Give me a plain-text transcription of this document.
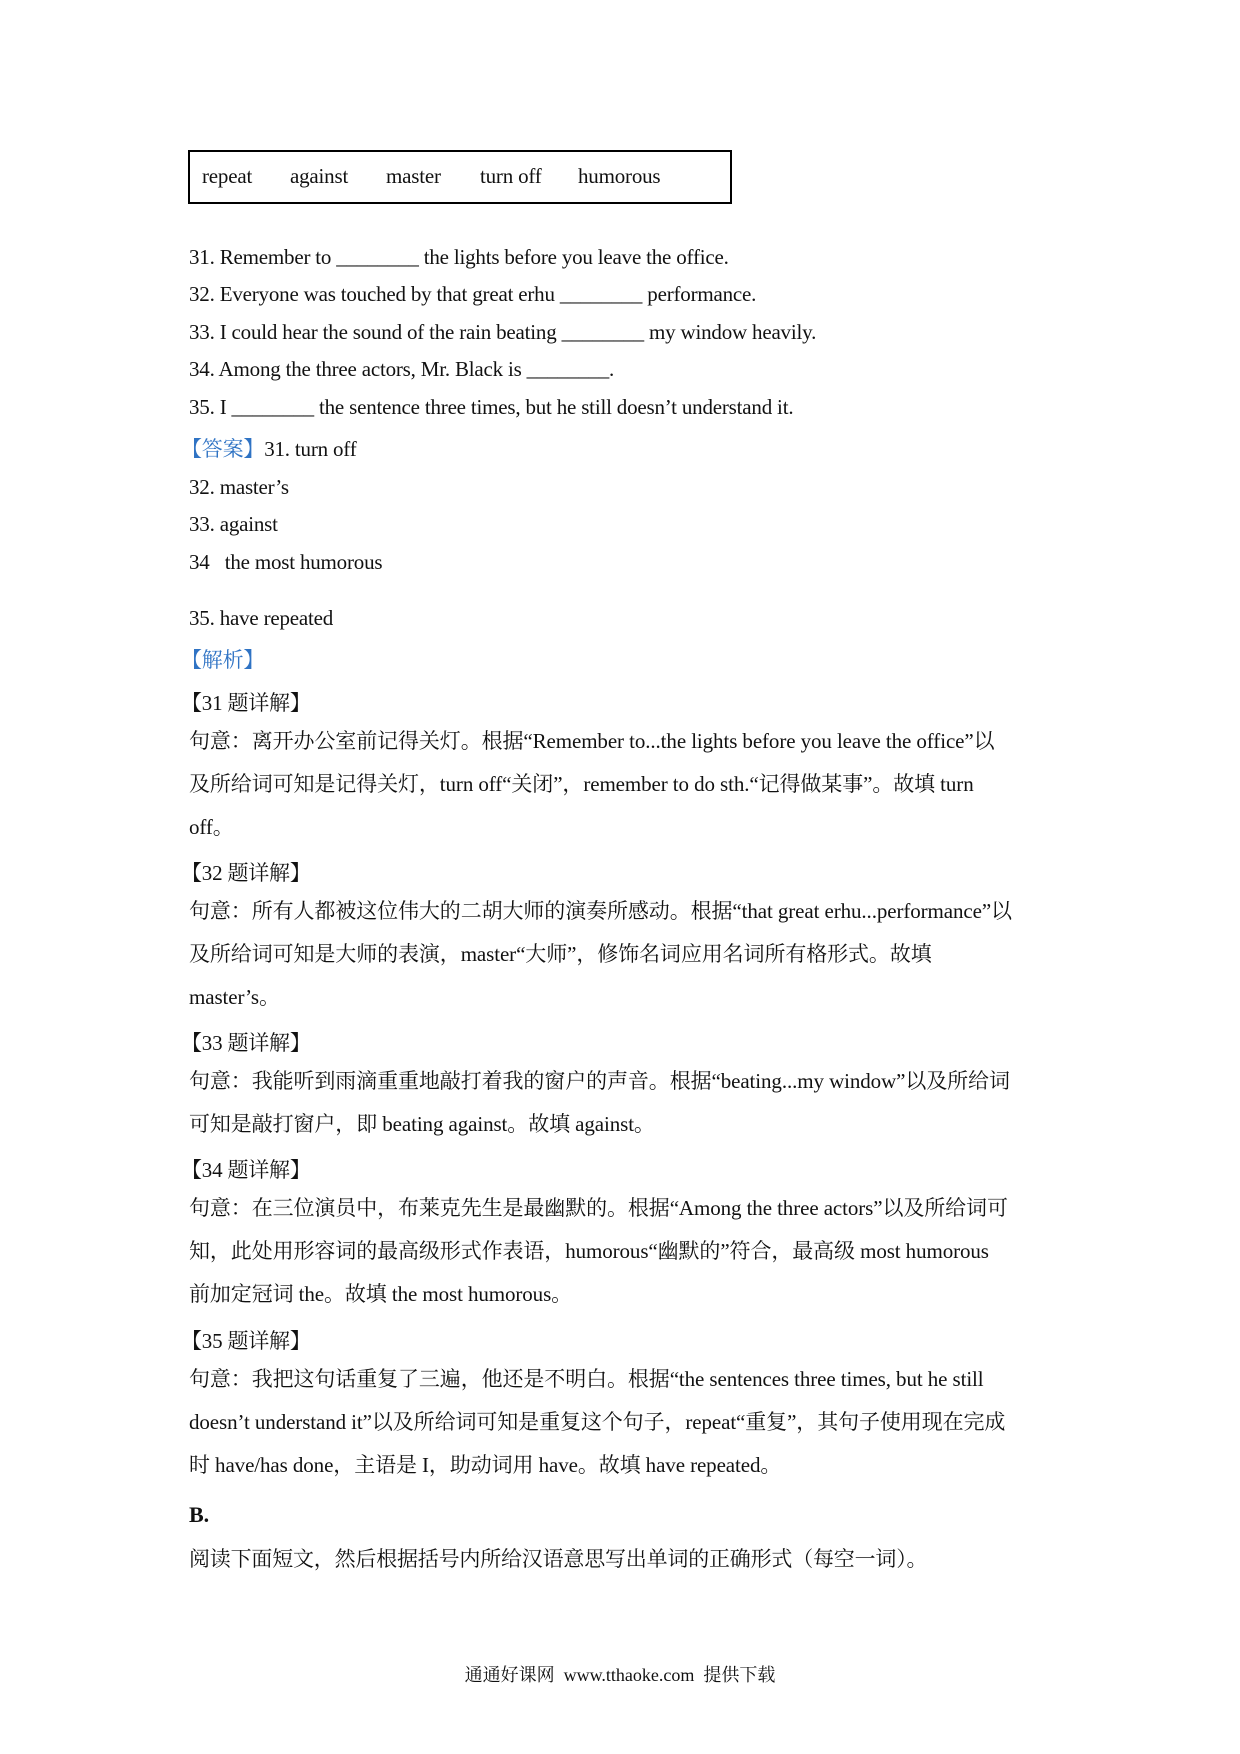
repeat against master turn off humorous
31. Remember to ________ the lights before you leave the office.
32. Everyone was touched by that great erhu ________ performance.
33. I could hear the sound of the rain beating ________ my window heavily.
34. Among the three actors, Mr. Black is ________.
35. I ________ the sentence three times, but he still doesn’t understand it.
【答案】31. turn off
32. master’s
33. against
34   the most humorous
35. have repeated
【解析】
【31 题详解】
句意：离开办公室前记得关灯。根据“Remember to...the lights before you leave the office”以
及所给词可知是记得关灯，turn off“关闭”，remember to do sth.“记得做某事”。故填 turn
off。
【32 题详解】
句意：所有人都被这位伟大的二胡大师的演奏所感动。根据“that great erhu...performance”以
及所给词可知是大师的表演，master“大师”，修饰名词应用名词所有格形式。故填
master’s。
【33 题详解】
句意：我能听到雨滴重重地敲打着我的窗户的声音。根据“beating...my window”以及所给词
可知是敲打窗户，即 beating against。故填 against。
【34 题详解】
句意：在三位演员中，布莱克先生是最幽默的。根据“Among the three actors”以及所给词可
知，此处用形容词的最高级形式作表语，humorous“幽默的”符合，最高级 most humorous
前加定冠词 the。故填 the most humorous。
【35 题详解】
句意：我把这句话重复了三遍，他还是不明白。根据“the sentences three times, but he still
doesn’t understand it”以及所给词可知是重复这个句子，repeat“重复”，其句子使用现在完成
时 have/has done，主语是 I，助动词用 have。故填 have repeated。
B.
阅读下面短文，然后根据括号内所给汉语意思写出单词的正确形式（每空一词）。
通通好课网  www.tthaoke.com  提供下载
